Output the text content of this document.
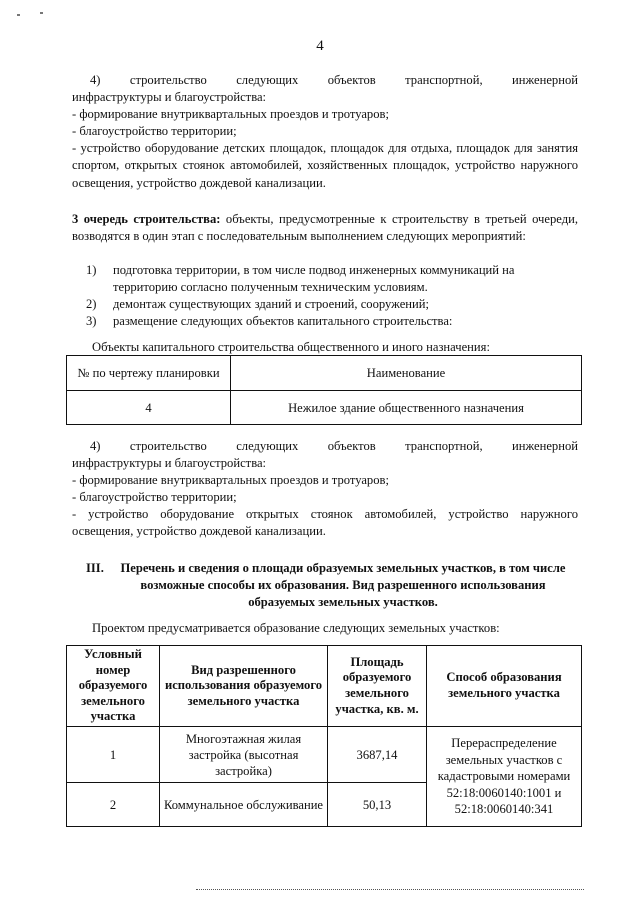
4

4) строительство следующих объектов транспортной, инженерной

инфраструктуры и благоустройства:

- формирование внутриквартальных проездов и тротуаров;

- благоустройство территории;

- устройство оборудование детских площадок, площадок для отдыха, площадок для занятия спортом, открытых стоянок автомобилей, хозяйственных площадок, устройство наружного освещения, устройство дождевой канализации.

3 очередь строительства: объекты, предусмотренные к строительству в третьей очереди, возводятся в один этап с последовательным выполнением следующих мероприятий:

1) подготовка территории, в том числе подвод инженерных коммуникаций на территорию согласно полученным техническим условиям.
2) демонтаж существующих зданий и строений, сооружений;
3) размещение следующих объектов капитального строительства:
Объекты капитального строительства общественного и иного назначения:
№ по чертежу планировки	Наименование
4	Нежилое здание общественного назначения

4) строительство следующих объектов транспортной, инженерной

инфраструктуры и благоустройства:

- формирование внутриквартальных проездов и тротуаров;

- благоустройство территории;

- устройство оборудование открытых стоянок автомобилей, устройство наружного освещения, устройство дождевой канализации.

III.	Перечень и сведения о площади образуемых земельных участков, в том числе возможные способы их образования. Вид разрешенного использования образуемых земельных участков.
Проектом предусматривается образование следующих земельных участков:
Условный номер образуемого земельного участка	Вид разрешенного использования образуемого земельного участка	Площадь образуемого земельного участка, кв. м.	Способ образования земельного участка
1	Многоэтажная жилая застройка (высотная застройка)	3687,14	Перераспределение земельных участков с кадастровыми номерами 52:18:0060140:1001 и 52:18:0060140:341
2	Коммунальное обслуживание	50,13	
